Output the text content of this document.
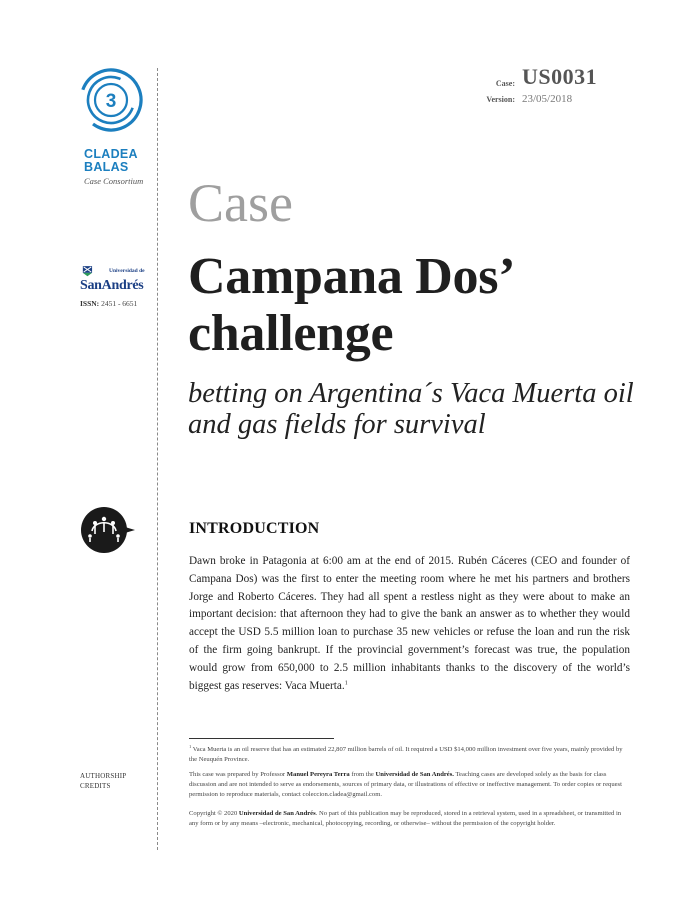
3
CLADEA
BALAS
Case Consortium
Universidad de
SanAndrés
ISSN: 2451 - 6651
Case: US0031
Version: 23/05/2018
Case
Campana Dos’ challenge
betting on Argentina´s Vaca Muerta oil and gas fields for survival
INTRODUCTION

Dawn broke in Patagonia at 6:00 am at the end of 2015. Rubén Cáceres (CEO and founder of Campana Dos) was the first to enter the meeting room where he met his partners and brothers Jorge and Roberto Cáceres. They had all spent a restless night as they were about to make an important decision: that afternoon they had to give the bank an answer as to whether they would accept the USD 5.5 million loan to purchase 35 new vehicles or refuse the loan and run the risk of the firm going bankrupt. If the provincial government’s forecast was true, the population would grow from 650,000 to 2.5 million inhabitants thanks to the discovery of the world’s biggest gas reserves: Vaca Muerta.$^1$

$^1$ Vaca Muerta is an oil reserve that has an estimated 22,807 million barrels of oil. It required a USD $14,000 million investment over five years, mainly provided by the Neuquén Province.

This case was prepared by Professor Manuel Pereyra Terra from the Universidad de San Andrés. Teaching cases are developed solely as the basis for class discussion and are not intended to serve as endorsements, sources of primary data, or illustrations of effective or ineffective management. To order copies or request permission to reproduce materials, contact coleccion.cladea@gmail.com.

Copyright © 2020 Universidad de San Andrés. No part of this publication may be reproduced, stored in a retrieval system, used in a spreadsheet, or transmitted in any form or by any means –electronic, mechanical, photocopying, recording, or otherwise– without the permission of the copyright holder.

AUTHORSHIP
CREDITS
